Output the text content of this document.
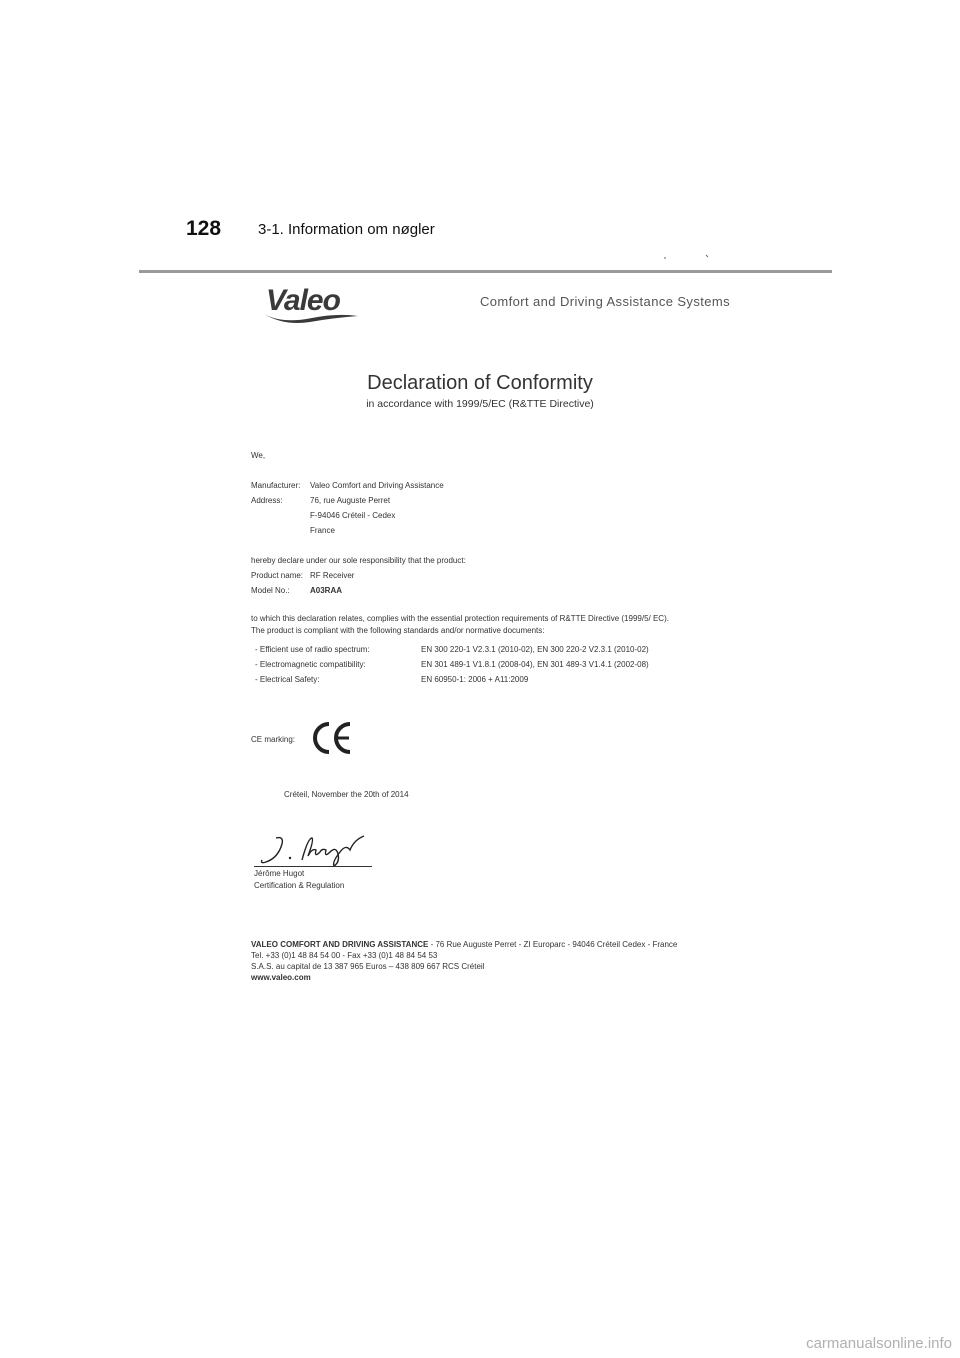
128 3-1. Information om nøgler
Valeo	Comfort and Driving Assistance Systems
Declaration of Conformity
in accordance with 1999/5/EC (R&TTE Directive)
We,
Manufacturer: Valeo Comfort and Driving Assistance
Address:	76, rue Auguste Perret
F-94046 Créteil - Cedex
France
hereby declare under our sole responsibility that the product:
Product name: RF Receiver
Model No.:	A03RAA
to which this declaration relates, complies with the essential protection requirements of R&TTE Directive (1999/5/ EC).
The product is compliant with the following standards and/or normative documents:
- Efficient use of radio spectrum:	EN 300 220-1 V2.3.1 (2010-02), EN 300 220-2 V2.3.1 (2010-02)
- Electromagnetic compatibility:	EN 301 489-1 V1.8.1 (2008-04), EN 301 489-3 V1.4.1 (2002-08)
- Electrical Safety:	EN 60950-1: 2006 + A11:2009
CE marking:
Créteil, November the 20th of 2014
Jérôme Hugot
Certification & Regulation
VALEO COMFORT AND DRIVING ASSISTANCE - 76 Rue Auguste Perret - ZI Europarc - 94046 Créteil Cedex - France
Tel. +33 (0)1 48 84 54 00 - Fax +33 (0)1 48 84 54 53
S.A.S. au capital de 13 387 965 Euros – 438 809 667 RCS Créteil
www.valeo.com
carmanualsonline.info
